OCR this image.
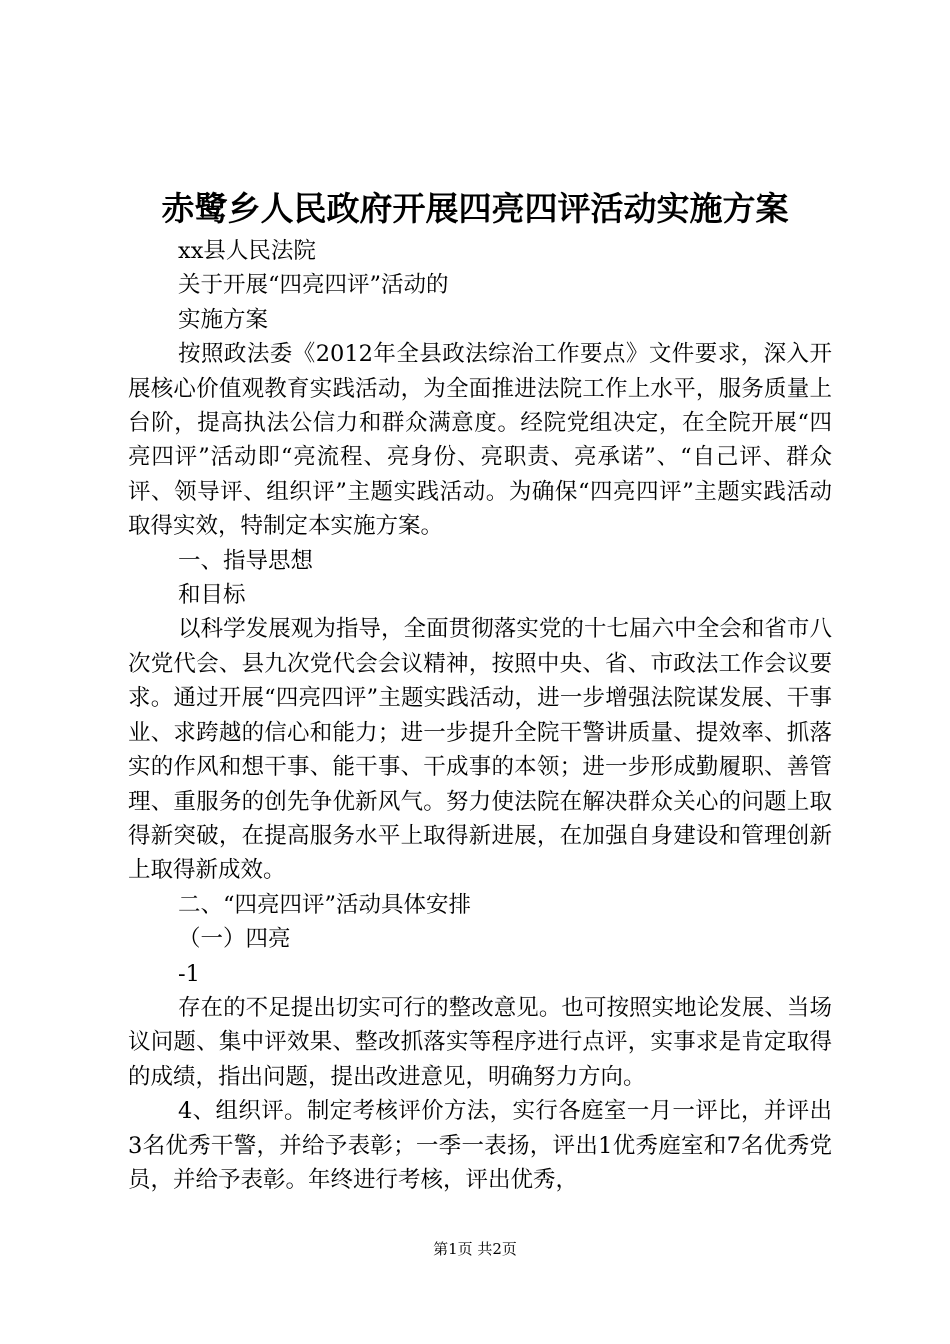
赤鹭乡人民政府开展四亮四评活动实施方案

xx县人民法院

关于开展“四亮四评”活动的

实施方案

按照政法委《2012年全县政法综治工作要点》文件要求，深入开展核心价值观教育实践活动，为全面推进法院工作上水平，服务质量上台阶，提高执法公信力和群众满意度。经院党组决定，在全院开展“四亮四评”活动即“亮流程、亮身份、亮职责、亮承诺”、“自己评、群众评、领导评、组织评”主题实践活动。为确保“四亮四评”主题实践活动取得实效，特制定本实施方案。

一、指导思想

和目标

以科学发展观为指导，全面贯彻落实党的十七届六中全会和省市八次党代会、县九次党代会会议精神，按照中央、省、市政法工作会议要求。通过开展“四亮四评”主题实践活动，进一步增强法院谋发展、干事业、求跨越的信心和能力；进一步提升全院干警讲质量、提效率、抓落实的作风和想干事、能干事、干成事的本领；进一步形成勤履职、善管理、重服务的创先争优新风气。努力使法院在解决群众关心的问题上取得新突破，在提高服务水平上取得新进展，在加强自身建设和管理创新上取得新成效。

二、“四亮四评”活动具体安排

（一）四亮

-1

存在的不足提出切实可行的整改意见。也可按照实地论发展、当场议问题、集中评效果、整改抓落实等程序进行点评，实事求是肯定取得的成绩，指出问题，提出改进意见，明确努力方向。

4、组织评。制定考核评价方法，实行各庭室一月一评比，并评出3名优秀干警，并给予表彰；一季一表扬，评出1优秀庭室和7名优秀党员，并给予表彰。年终进行考核，评出优秀，

第1页 共2页
